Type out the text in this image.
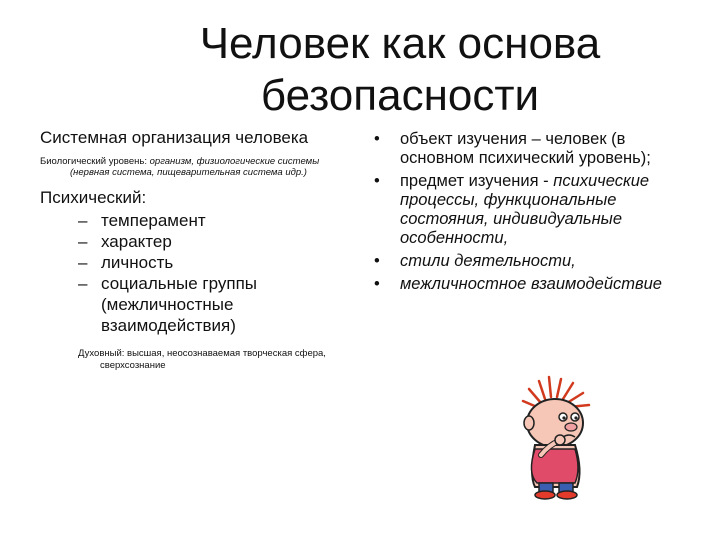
Человек как основа безопасности

Системная организация человека

Биологический уровень: организм, физиологические системы (нервная система, пищеварительная система идр.)

Психический:

– темперамент
– характер
– личность
– социальные группы (межличностные взаимодействия)

Духовный: высшая, неосознаваемая творческая сфера, сверхсознание

• объект изучения – человек (в основном психический уровень);
• предмет изучения - психические процессы, функциональные состояния, индивидуальные особенности,
• стили деятельности,
• межличностное взаимодействие
